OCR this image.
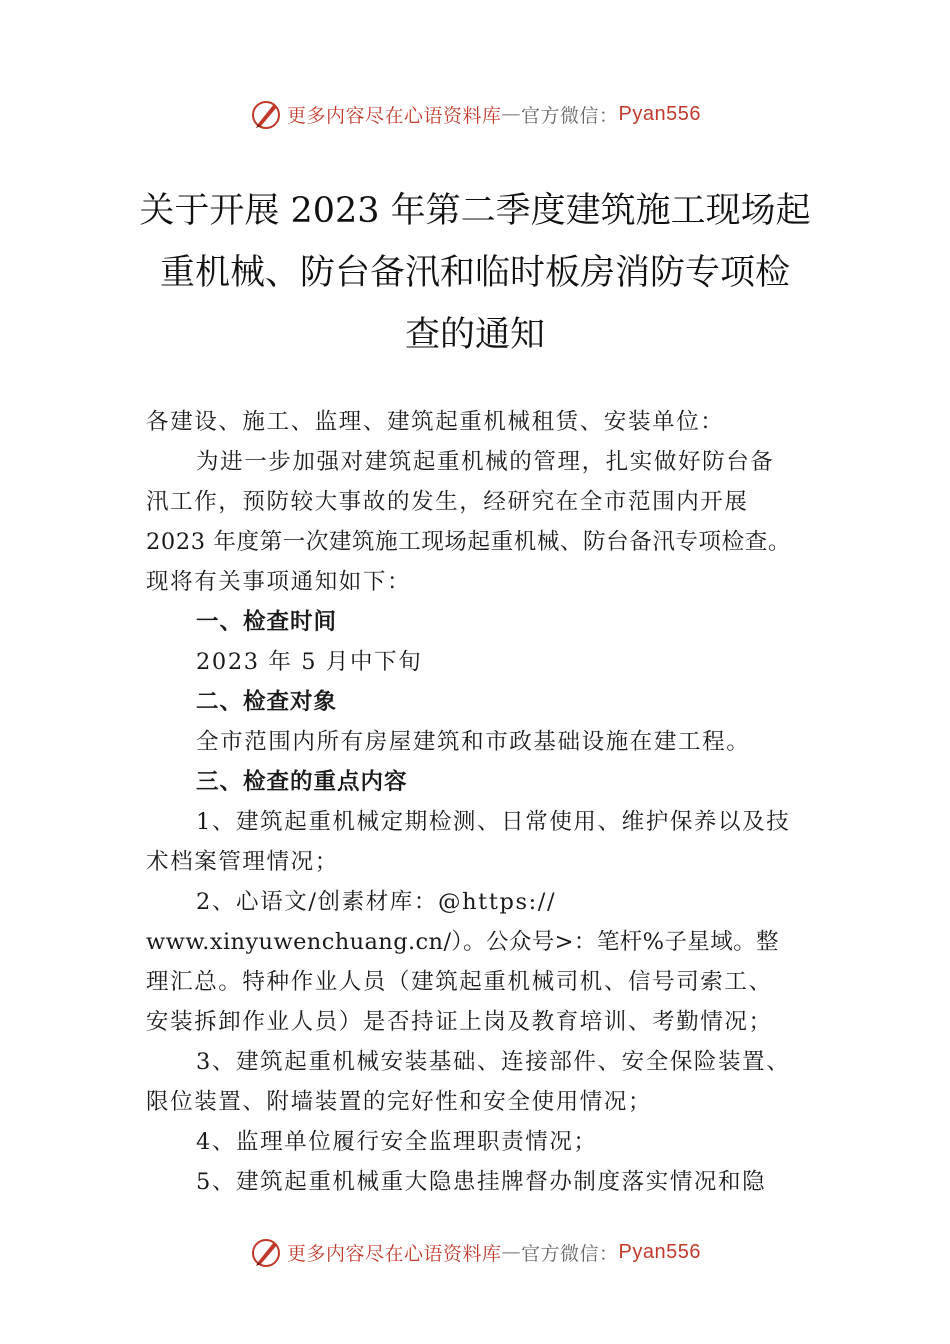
更多内容尽在心语资料库 — 官方微信： Pyan556
关于开展 2023 年第二季度建筑施工现场起
重机械、防台备汛和临时板房消防专项检
查的通知

各建设、施工、监理、建筑起重机械租赁、安装单位：

为进一步加强对建筑起重机械的管理，扎实做好防台备

汛工作，预防较大事故的发生，经研究在全市范围内开展

2023 年度第一次建筑施工现场起重机械、防台备汛专项检查。

现将有关事项通知如下：

一、检查时间

2023 年 5 月中下旬

二、检查对象

全市范围内所有房屋建筑和市政基础设施在建工程。

三、检查的重点内容

1、建筑起重机械定期检测、日常使用、维护保养以及技

术档案管理情况；

2、心语文/创素材库：@https://

www.xinyuwenchuang.cn/）。公众号>：笔杆%子星域。整

理汇总。特种作业人员（建筑起重机械司机、信号司索工、

安装拆卸作业人员）是否持证上岗及教育培训、考勤情况；

3、建筑起重机械安装基础、连接部件、安全保险装置、

限位装置、附墙装置的完好性和安全使用情况；

4、监理单位履行安全监理职责情况；

5、建筑起重机械重大隐患挂牌督办制度落实情况和隐

更多内容尽在心语资料库 — 官方微信： Pyan556
